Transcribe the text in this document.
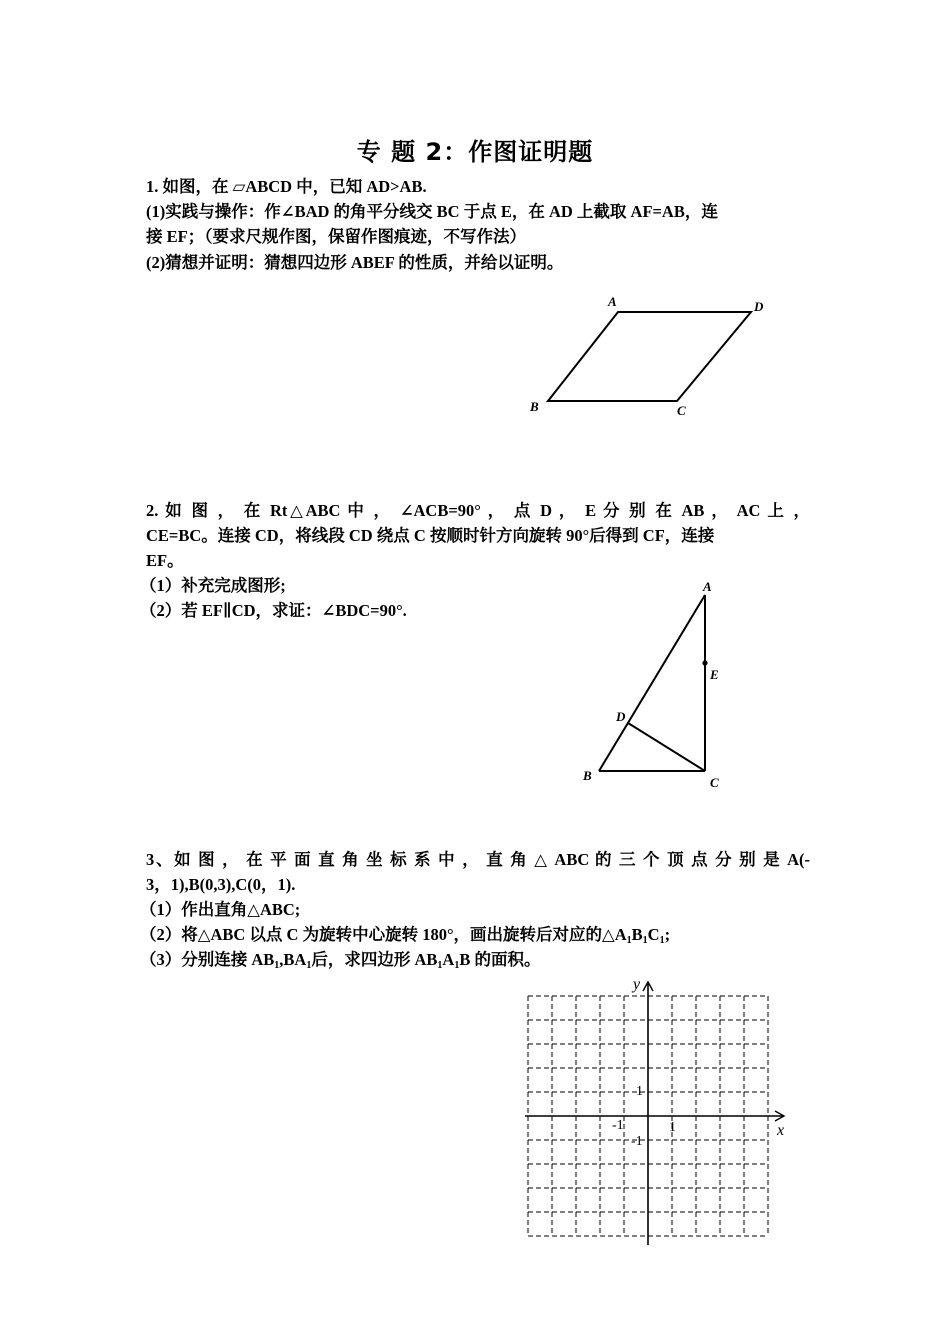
专 题 2：作图证明题
1. 如图，在 ▱ABCD 中，已知 AD>AB.
(1)实践与操作：作∠BAD 的角平分线交 BC 于点 E，在 AD 上截取 AF=AB，连
接 EF；（要求尺规作图，保留作图痕迹，不写作法）
(2)猜想并证明：猜想四边形 ABEF 的性质，并给以证明。
A	D
B	C
2. 如 图 ， 在 Rt△ABC 中 ， ∠ACB=90° ， 点 D ， E 分 别 在 AB ， AC 上 ，
CE=BC。连接 CD，将线段 CD 绕点 C 按顺时针方向旋转 90°后得到 CF，连接
EF。
（1）补充完成图形;
（2）若 EF∥CD，求证：∠BDC=90°.
A
E
D
B	C
3、如 图 ， 在 平 面 直 角 坐 标 系 中 ， 直 角 △ ABC 的 三 个 顶 点 分 别 是 A(-
3，1),B(0,3),C(0，1).
（1）作出直角△ABC;
（2）将△ABC 以点 C 为旋转中心旋转 180°，画出旋转后对应的$\triangle A_1B_1C_1$;
（3）分别连接 $AB_1,BA_1$后，求四边形 $AB_1A_1B$ 的面积。
x
y
1
-1	1
-1
